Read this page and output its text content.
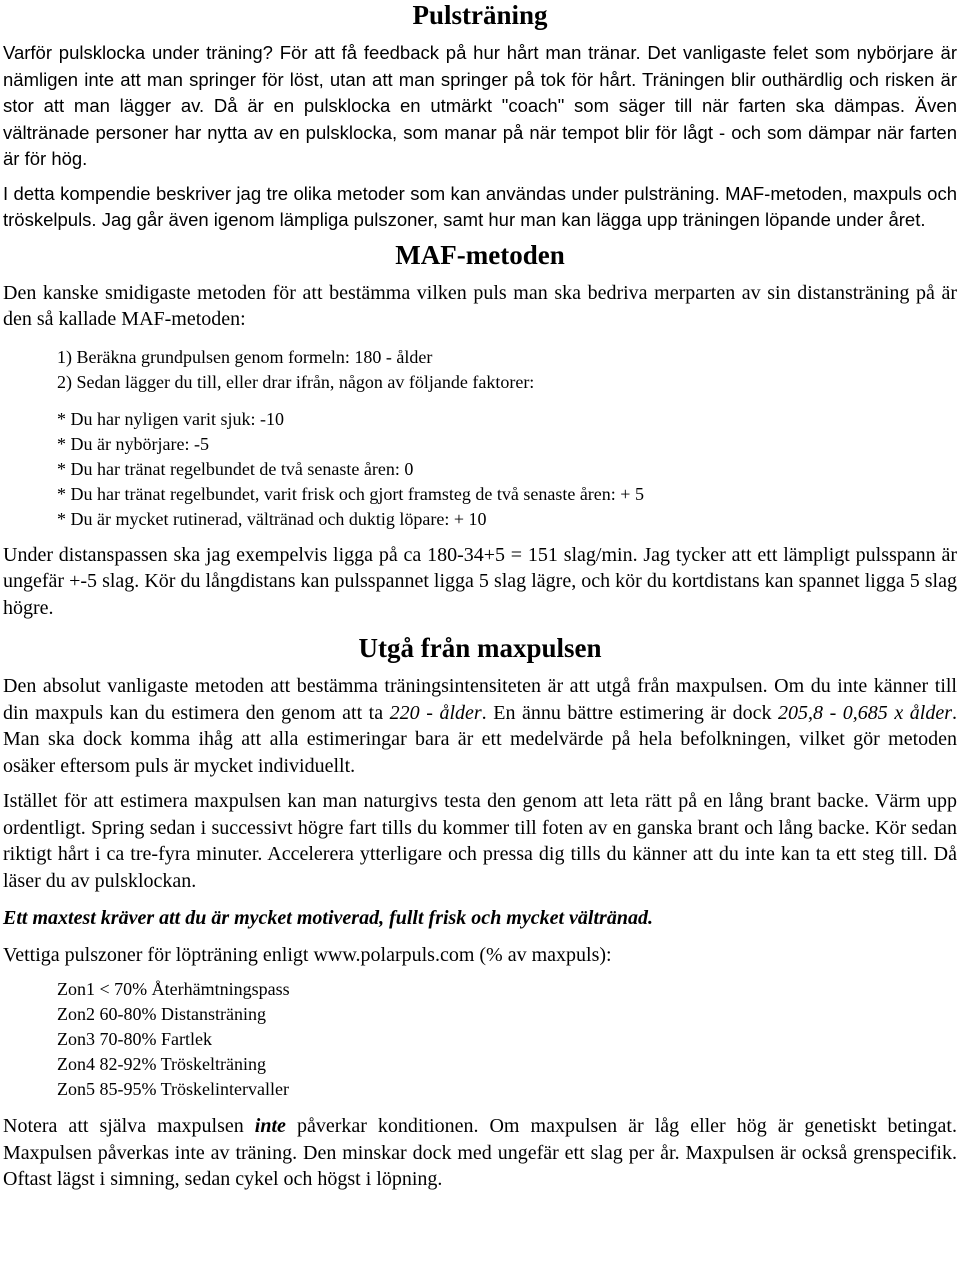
Pulsträning

Varför pulsklocka under träning? För att få feedback på hur hårt man tränar. Det vanligaste felet som nybörjare är nämligen inte att man springer för löst, utan att man springer på tok för hårt. Träningen blir outhärdlig och risken är stor att man lägger av. Då är en pulsklocka en utmärkt "coach" som säger till när farten ska dämpas. Även vältränade personer har nytta av en pulsklocka, som manar på när tempot blir för lågt - och som dämpar när farten är för hög.

I detta kompendie beskriver jag tre olika metoder som kan användas under pulsträning. MAF-metoden, maxpuls och tröskelpuls. Jag går även igenom lämpliga pulszoner, samt hur man kan lägga upp träningen löpande under året.

MAF-metoden

Den kanske smidigaste metoden för att bestämma vilken puls man ska bedriva merparten av sin distansträning på är den så kallade MAF-metoden:

1) Beräkna grundpulsen genom formeln: 180 - ålder
2) Sedan lägger du till, eller drar ifrån, någon av följande faktorer:
* Du har nyligen varit sjuk: -10
* Du är nybörjare: -5
* Du har tränat regelbundet de två senaste åren: 0
* Du har tränat regelbundet, varit frisk och gjort framsteg de två senaste åren: + 5
* Du är mycket rutinerad, vältränad och duktig löpare: + 10

Under distanspassen ska jag exempelvis ligga på ca 180-34+5 = 151 slag/min. Jag tycker att ett lämpligt pulsspann är ungefär +-5 slag. Kör du långdistans kan pulsspannet ligga 5 slag lägre, och kör du kortdistans kan spannet ligga 5 slag högre.

Utgå från maxpulsen

Den absolut vanligaste metoden att bestämma träningsintensiteten är att utgå från maxpulsen. Om du inte känner till din maxpuls kan du estimera den genom att ta 220 - ålder. En ännu bättre estimering är dock 205,8 - 0,685 x ålder. Man ska dock komma ihåg att alla estimeringar bara är ett medelvärde på hela befolkningen, vilket gör metoden osäker eftersom puls är mycket individuellt.

Istället för att estimera maxpulsen kan man naturgivs testa den genom att leta rätt på en lång brant backe. Värm upp ordentligt. Spring sedan i successivt högre fart tills du kommer till foten av en ganska brant och lång backe. Kör sedan riktigt hårt i ca tre-fyra minuter. Accelerera ytterligare och pressa dig tills du känner att du inte kan ta ett steg till. Då läser du av pulsklockan.

Ett maxtest kräver att du är mycket motiverad, fullt frisk och mycket vältränad.

Vettiga pulszoner för löpträning enligt www.polarpuls.com (% av maxpuls):

Zon1 < 70% Återhämtningspass
Zon2 60-80% Distansträning
Zon3 70-80% Fartlek
Zon4 82-92% Tröskelträning
Zon5 85-95% Tröskelintervaller

Notera att själva maxpulsen inte påverkar konditionen. Om maxpulsen är låg eller hög är genetiskt betingat. Maxpulsen påverkas inte av träning. Den minskar dock med ungefär ett slag per år. Maxpulsen är också grenspecifik. Oftast lägst i simning, sedan cykel och högst i löpning.
